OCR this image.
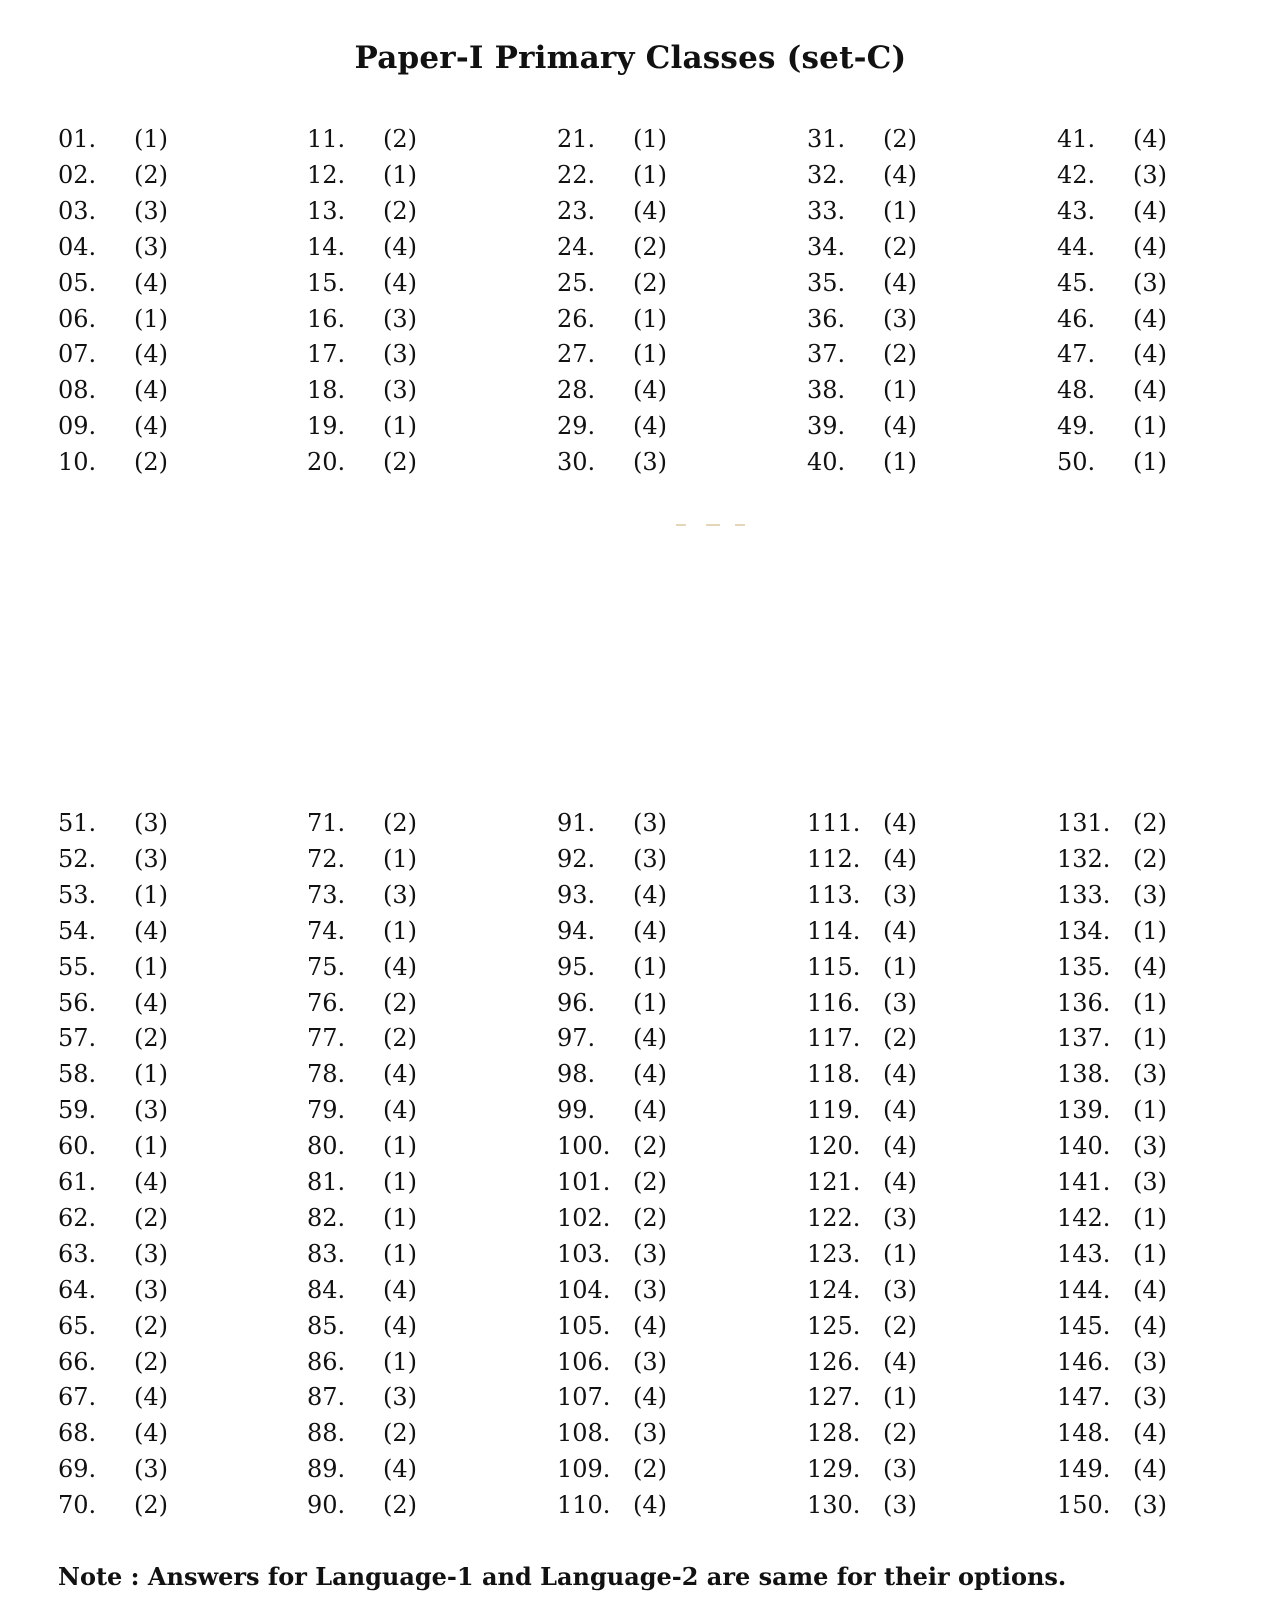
Paper-I Primary Classes (set-C)
01. (1)
02. (2)
03. (3)
04. (3)
05. (4)
06. (1)
07. (4)
08. (4)
09. (4)
10. (2)
11. (2)
12. (1)
13. (2)
14. (4)
15. (4)
16. (3)
17. (3)
18. (3)
19. (1)
20. (2)
21. (1)
22. (1)
23. (4)
24. (2)
25. (2)
26. (1)
27. (1)
28. (4)
29. (4)
30. (3)
31. (2)
32. (4)
33. (1)
34. (2)
35. (4)
36. (3)
37. (2)
38. (1)
39. (4)
40. (1)
41. (4)
42. (3)
43. (4)
44. (4)
45. (3)
46. (4)
47. (4)
48. (4)
49. (1)
50. (1)
51. (3)
52. (3)
53. (1)
54. (4)
55. (1)
56. (4)
57. (2)
58. (1)
59. (3)
60. (1)
61. (4)
62. (2)
63. (3)
64. (3)
65. (2)
66. (2)
67. (4)
68. (4)
69. (3)
70. (2)
71. (2)
72. (1)
73. (3)
74. (1)
75. (4)
76. (2)
77. (2)
78. (4)
79. (4)
80. (1)
81. (1)
82. (1)
83. (1)
84. (4)
85. (4)
86. (1)
87. (3)
88. (2)
89. (4)
90. (2)
91. (3)
92. (3)
93. (4)
94. (4)
95. (1)
96. (1)
97. (4)
98. (4)
99. (4)
100. (2)
101. (2)
102. (2)
103. (3)
104. (3)
105. (4)
106. (3)
107. (4)
108. (3)
109. (2)
110. (4)
111. (4)
112. (4)
113. (3)
114. (4)
115. (1)
116. (3)
117. (2)
118. (4)
119. (4)
120. (4)
121. (4)
122. (3)
123. (1)
124. (3)
125. (2)
126. (4)
127. (1)
128. (2)
129. (3)
130. (3)
131. (2)
132. (2)
133. (3)
134. (1)
135. (4)
136. (1)
137. (1)
138. (3)
139. (1)
140. (3)
141. (3)
142. (1)
143. (1)
144. (4)
145. (4)
146. (3)
147. (3)
148. (4)
149. (4)
150. (3)
Note : Answers for Language-1 and Language-2 are same for their options.
